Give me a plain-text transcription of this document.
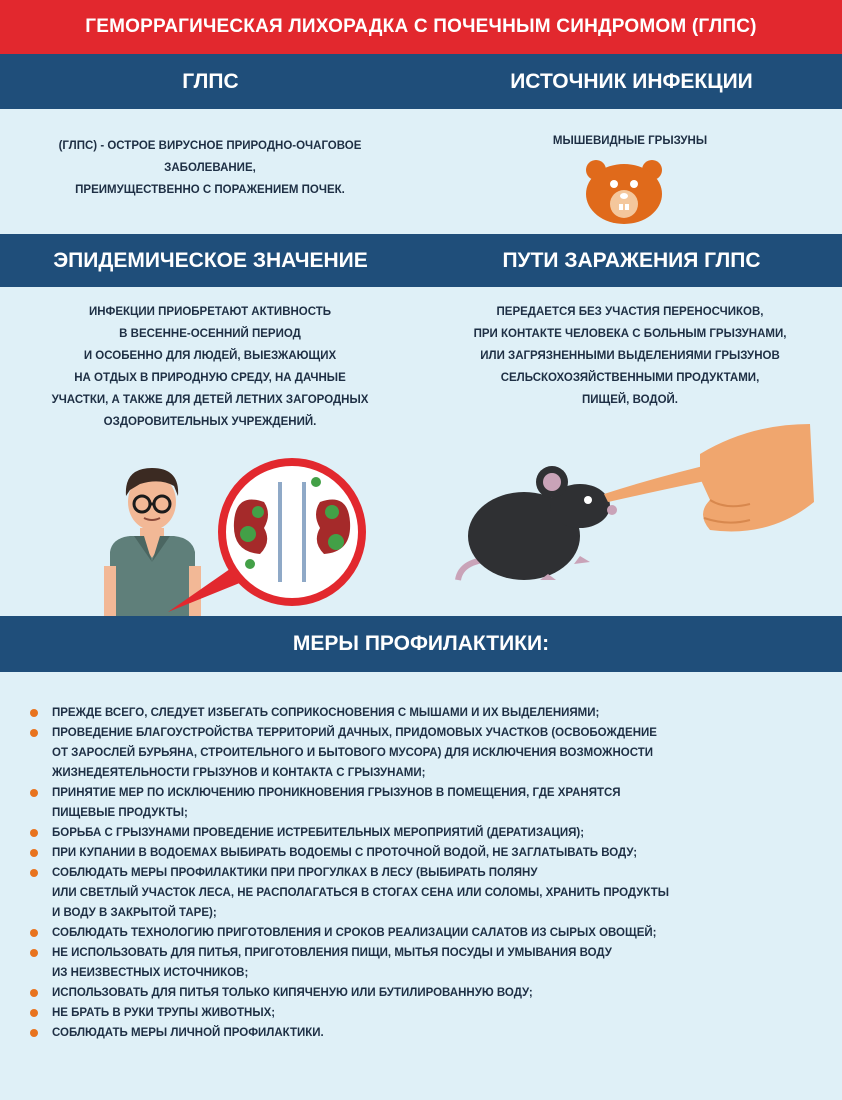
ГЕМОРРАГИЧЕСКАЯ ЛИХОРАДКА С ПОЧЕЧНЫМ СИНДРОМОМ (ГЛПС)
ГЛПС	ИСТОЧНИК ИНФЕКЦИИ
(ГЛПС) - ОСТРОЕ ВИРУСНОЕ ПРИРОДНО-ОЧАГОВОЕ
ЗАБОЛЕВАНИЕ,
ПРЕИМУЩЕСТВЕННО С ПОРАЖЕНИЕМ ПОЧЕК.
МЫШЕВИДНЫЕ ГРЫЗУНЫ
ЭПИДЕМИЧЕСКОЕ ЗНАЧЕНИЕ	ПУТИ ЗАРАЖЕНИЯ ГЛПС
ИНФЕКЦИИ ПРИОБРЕТАЮТ АКТИВНОСТЬ
В ВЕСЕННЕ-ОСЕННИЙ ПЕРИОД
И ОСОБЕННО ДЛЯ ЛЮДЕЙ, ВЫЕЗЖАЮЩИХ
НА ОТДЫХ В ПРИРОДНУЮ СРЕДУ, НА ДАЧНЫЕ
УЧАСТКИ, А ТАКЖЕ ДЛЯ ДЕТЕЙ ЛЕТНИХ ЗАГОРОДНЫХ
ОЗДОРОВИТЕЛЬНЫХ УЧРЕЖДЕНИЙ.
ПЕРЕДАЕТСЯ БЕЗ УЧАСТИЯ ПЕРЕНОСЧИКОВ,
ПРИ КОНТАКТЕ ЧЕЛОВЕКА С БОЛЬНЫМ ГРЫЗУНАМИ,
ИЛИ ЗАГРЯЗНЕННЫМИ ВЫДЕЛЕНИЯМИ ГРЫЗУНОВ
СЕЛЬСКОХОЗЯЙСТВЕННЫМИ ПРОДУКТАМИ,
ПИЩЕЙ, ВОДОЙ.
МЕРЫ ПРОФИЛАКТИКИ:
ПРЕЖДЕ ВСЕГО, СЛЕДУЕТ ИЗБЕГАТЬ СОПРИКОСНОВЕНИЯ С МЫШАМИ И ИХ ВЫДЕЛЕНИЯМИ;
ПРОВЕДЕНИЕ БЛАГОУСТРОЙСТВА ТЕРРИТОРИЙ ДАЧНЫХ, ПРИДОМОВЫХ УЧАСТКОВ (ОСВОБОЖДЕНИЕ
ОТ ЗАРОСЛЕЙ БУРЬЯНА, СТРОИТЕЛЬНОГО И БЫТОВОГО МУСОРА) ДЛЯ ИСКЛЮЧЕНИЯ ВОЗМОЖНОСТИ
ЖИЗНЕДЕЯТЕЛЬНОСТИ ГРЫЗУНОВ И КОНТАКТА С ГРЫЗУНАМИ;
ПРИНЯТИЕ МЕР ПО ИСКЛЮЧЕНИЮ ПРОНИКНОВЕНИЯ ГРЫЗУНОВ В ПОМЕЩЕНИЯ, ГДЕ ХРАНЯТСЯ
ПИЩЕВЫЕ ПРОДУКТЫ;
БОРЬБА С ГРЫЗУНАМИ ПРОВЕДЕНИЕ ИСТРЕБИТЕЛЬНЫХ МЕРОПРИЯТИЙ (ДЕРАТИЗАЦИЯ);
ПРИ КУПАНИИ В ВОДОЕМАХ ВЫБИРАТЬ ВОДОЕМЫ С ПРОТОЧНОЙ ВОДОЙ, НЕ ЗАГЛАТЫВАТЬ ВОДУ;
СОБЛЮДАТЬ МЕРЫ ПРОФИЛАКТИКИ ПРИ ПРОГУЛКАХ В ЛЕСУ (ВЫБИРАТЬ ПОЛЯНУ
ИЛИ СВЕТЛЫЙ УЧАСТОК ЛЕСА, НЕ РАСПОЛАГАТЬСЯ В СТОГАХ СЕНА ИЛИ СОЛОМЫ, ХРАНИТЬ ПРОДУКТЫ
И ВОДУ В ЗАКРЫТОЙ ТАРЕ);
СОБЛЮДАТЬ ТЕХНОЛОГИЮ ПРИГОТОВЛЕНИЯ И СРОКОВ РЕАЛИЗАЦИИ САЛАТОВ ИЗ СЫРЫХ ОВОЩЕЙ;
НЕ ИСПОЛЬЗОВАТЬ ДЛЯ ПИТЬЯ, ПРИГОТОВЛЕНИЯ ПИЩИ, МЫТЬЯ ПОСУДЫ И УМЫВАНИЯ ВОДУ
ИЗ НЕИЗВЕСТНЫХ ИСТОЧНИКОВ;
ИСПОЛЬЗОВАТЬ ДЛЯ ПИТЬЯ ТОЛЬКО КИПЯЧЕНУЮ ИЛИ БУТИЛИРОВАННУЮ ВОДУ;
НЕ БРАТЬ В РУКИ ТРУПЫ ЖИВОТНЫХ;
СОБЛЮДАТЬ МЕРЫ ЛИЧНОЙ ПРОФИЛАКТИКИ.
